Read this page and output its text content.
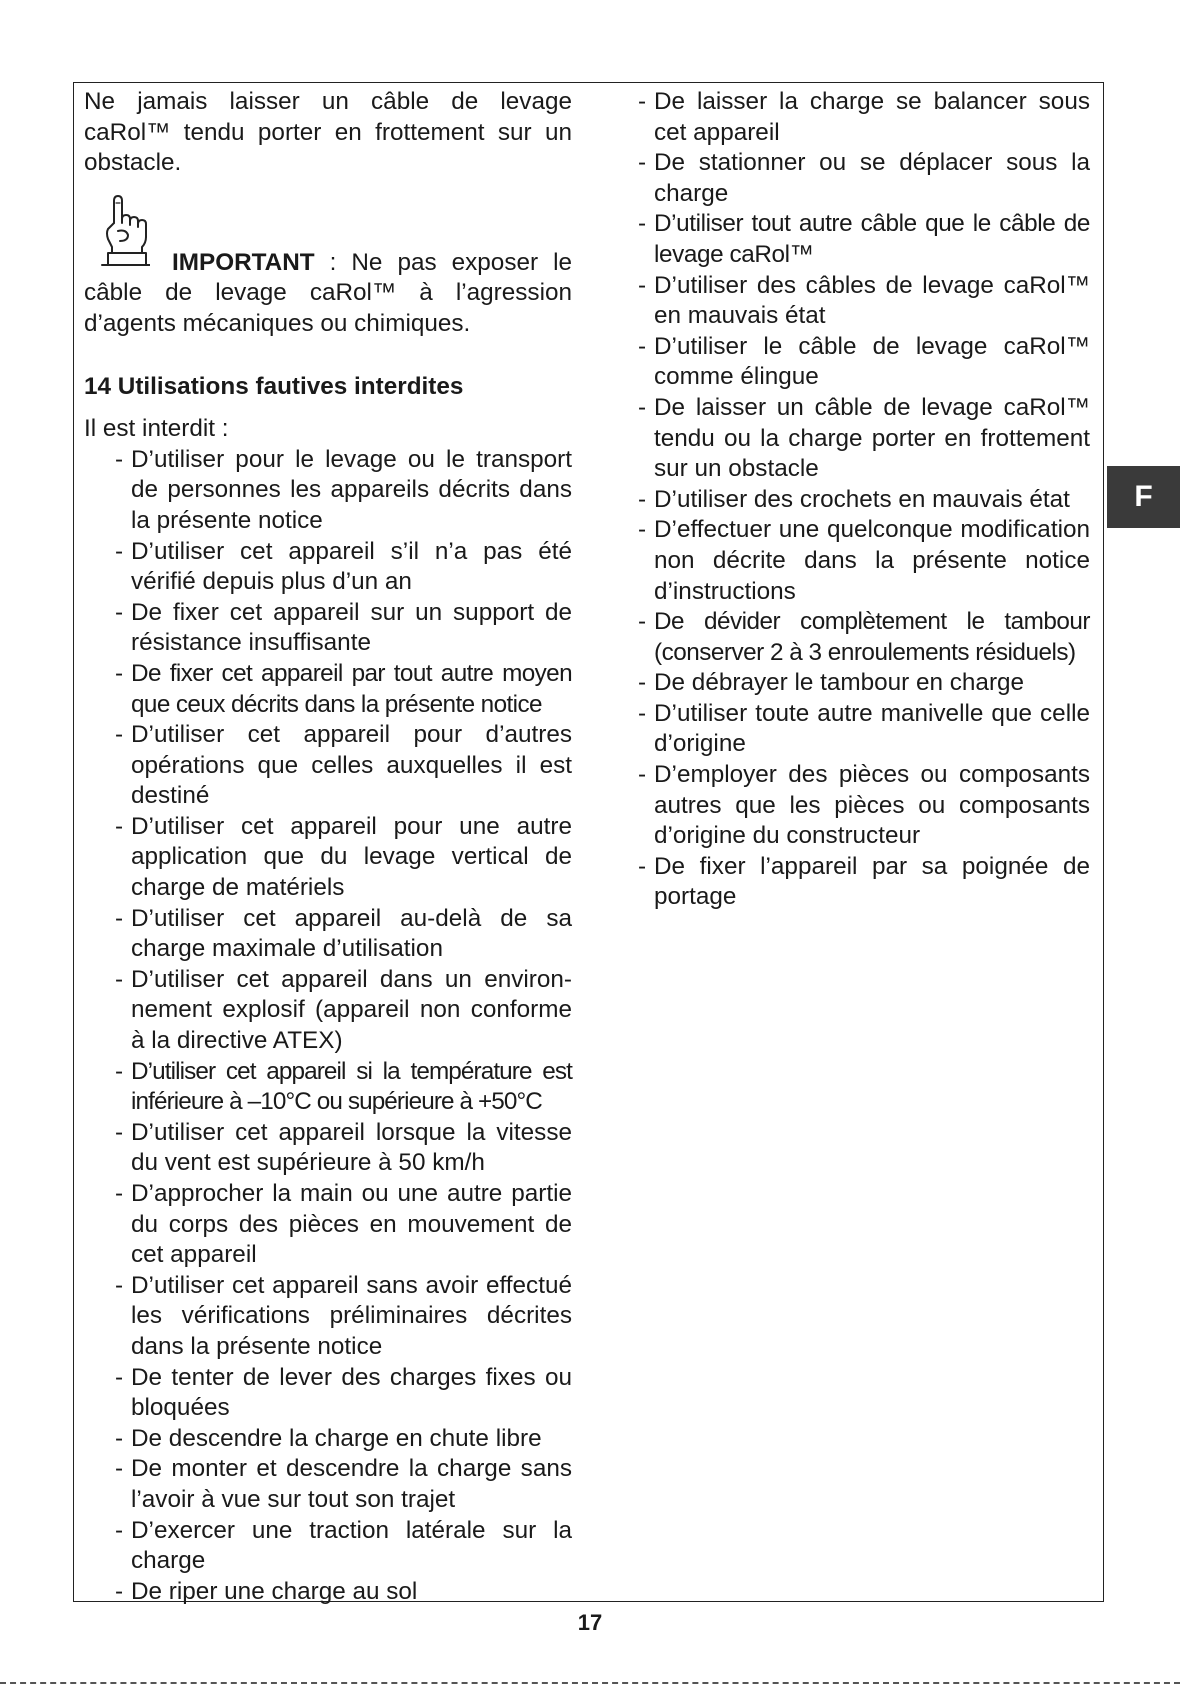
Ne jamais laisser un câble de levage caRol™ tendu porter en frottement sur un obstacle.

IMPORTANT : Ne pas exposer le câble de levage caRol™ à l’agression d’agents mécaniques ou chimiques.

14 Utilisations fautives interdites

Il est interdit :

- D’utiliser pour le levage ou le transport de personnes les appareils décrits dans la présente notice
- D’utiliser cet appareil s’il n’a pas été vérifié depuis plus d’un an
- De fixer cet appareil sur un support de résistance insuffisante
- De fixer cet appareil par tout autre moyen que ceux décrits dans la présente notice
- D’utiliser cet appareil pour d’autres opérations que celles auxquelles il est destiné
- D’utiliser cet appareil pour une autre application que du levage vertical de charge de matériels
- D’utiliser cet appareil au-delà de sa charge maximale d’utilisation
- D’utiliser cet appareil dans un environ-nement explosif (appareil non conforme à la directive ATEX)
- D’utiliser cet appareil si la température est inférieure à –10°C ou supérieure à +50°C
- D’utiliser cet appareil lorsque la vitesse du vent est supérieure à 50 km/h
- D’approcher la main ou une autre partie du corps des pièces en mouvement de cet appareil
- D’utiliser cet appareil sans avoir effectué les vérifications préliminaires décrites dans la présente notice
- De tenter de lever des charges fixes ou bloquées
- De descendre la charge en chute libre
- De monter et descendre la charge sans l’avoir à vue sur tout son trajet
- D’exercer une traction latérale sur la charge
- De riper une charge au sol
- De laisser la charge se balancer sous cet appareil
- De stationner ou se déplacer sous la charge
- D’utiliser tout autre câble que le câble de levage caRol™
- D’utiliser des câbles de levage caRol™ en mauvais état
- D’utiliser le câble de levage caRol™ comme élingue
- De laisser un câble de levage caRol™ tendu ou la charge porter en frottement sur un obstacle
- D’utiliser des crochets en mauvais état
- D’effectuer une quelconque modification non décrite dans la présente notice d’instructions
- De dévider complètement le tambour (conserver 2 à 3 enroulements résiduels)
- De débrayer le tambour en charge
- D’utiliser toute autre manivelle que celle d’origine
- D’employer des pièces ou composants autres que les pièces ou composants d’origine du constructeur
- De fixer l’appareil par sa poignée de portage
F
17
